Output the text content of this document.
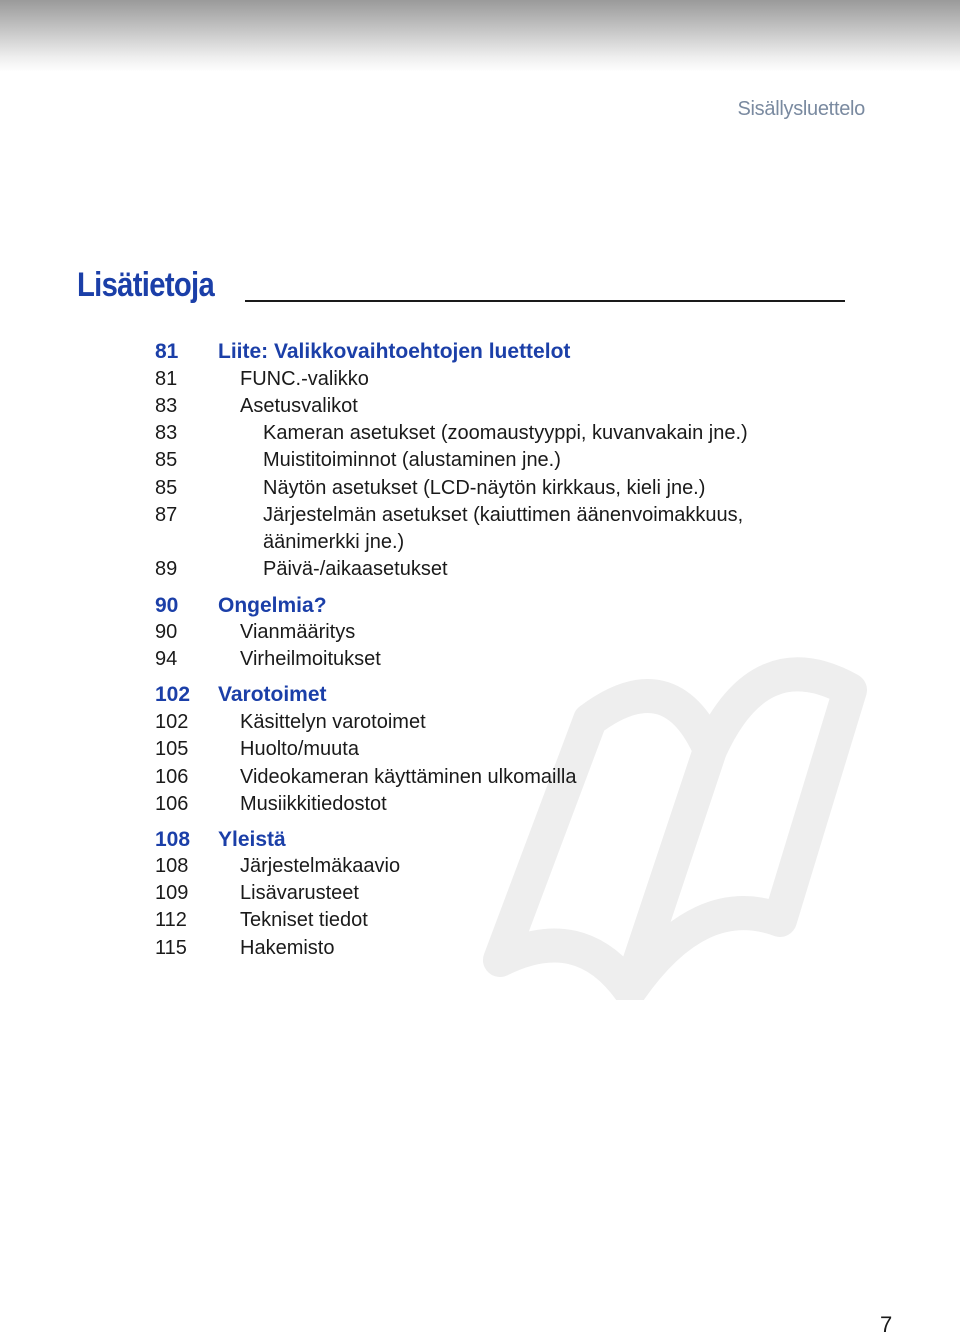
Sisällysluettelo
Lisätietoja
81 Liite: Valikkovaihtoehtojen luettelot
81	FUNC.-valikko
83	Asetusvalikot
83	Kameran asetukset (zoomaustyyppi, kuvanvakain jne.)
85	Muistitoiminnot (alustaminen jne.)
85	Näytön asetukset (LCD-näytön kirkkaus, kieli jne.)
87	Järjestelmän asetukset (kaiuttimen äänenvoimakkuus,
äänimerkki jne.)
89	Päivä-/aikaasetukset
90 Ongelmia?
90	Vianmääritys
94	Virheilmoitukset
102 Varotoimet
102	Käsittelyn varotoimet
105	Huolto/muuta
106	Videokameran käyttäminen ulkomailla
106	Musiikkitiedostot
108 Yleistä
108	Järjestelmäkaavio
109	Lisävarusteet
112	Tekniset tiedot
115	Hakemisto
7
